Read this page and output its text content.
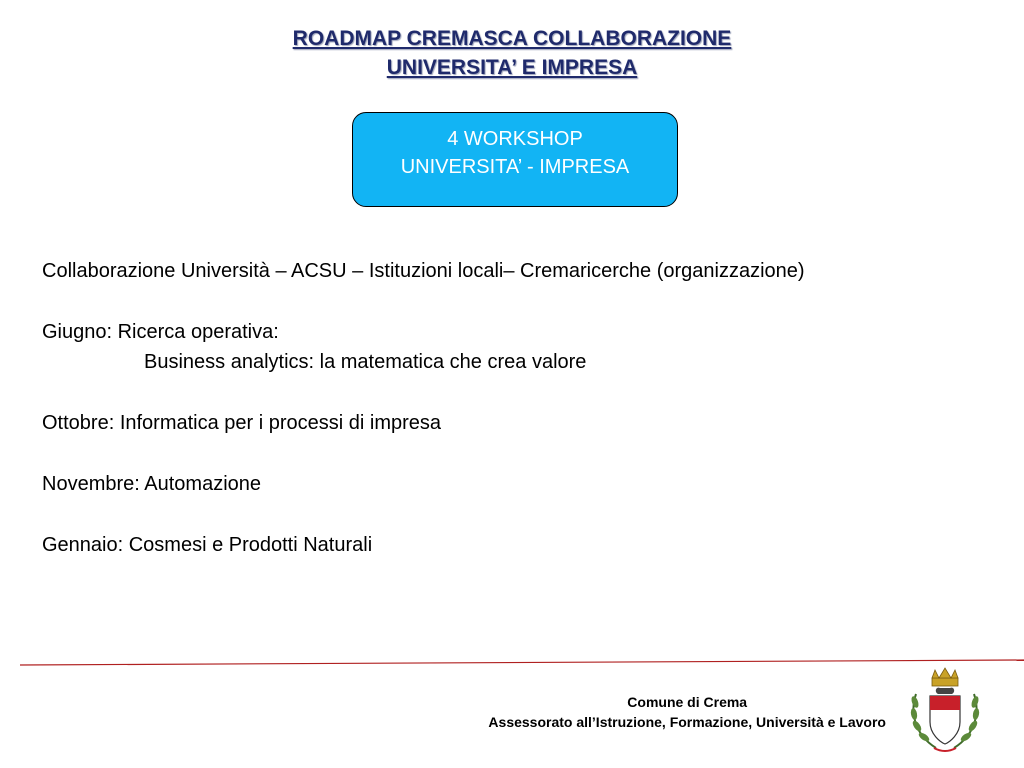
ROADMAP CREMASCA COLLABORAZIONE
UNIVERSITA’ E IMPRESA
4 WORKSHOP
UNIVERSITA’ - IMPRESA
Collaborazione Università – ACSU – Istituzioni locali– Cremaricerche (organizzazione)
Giugno: Ricerca operativa:
Business analytics: la matematica che crea valore
Ottobre: Informatica per i processi di impresa
Novembre: Automazione
Gennaio: Cosmesi e Prodotti Naturali
Comune di Crema
Assessorato all’Istruzione, Formazione, Università e Lavoro
